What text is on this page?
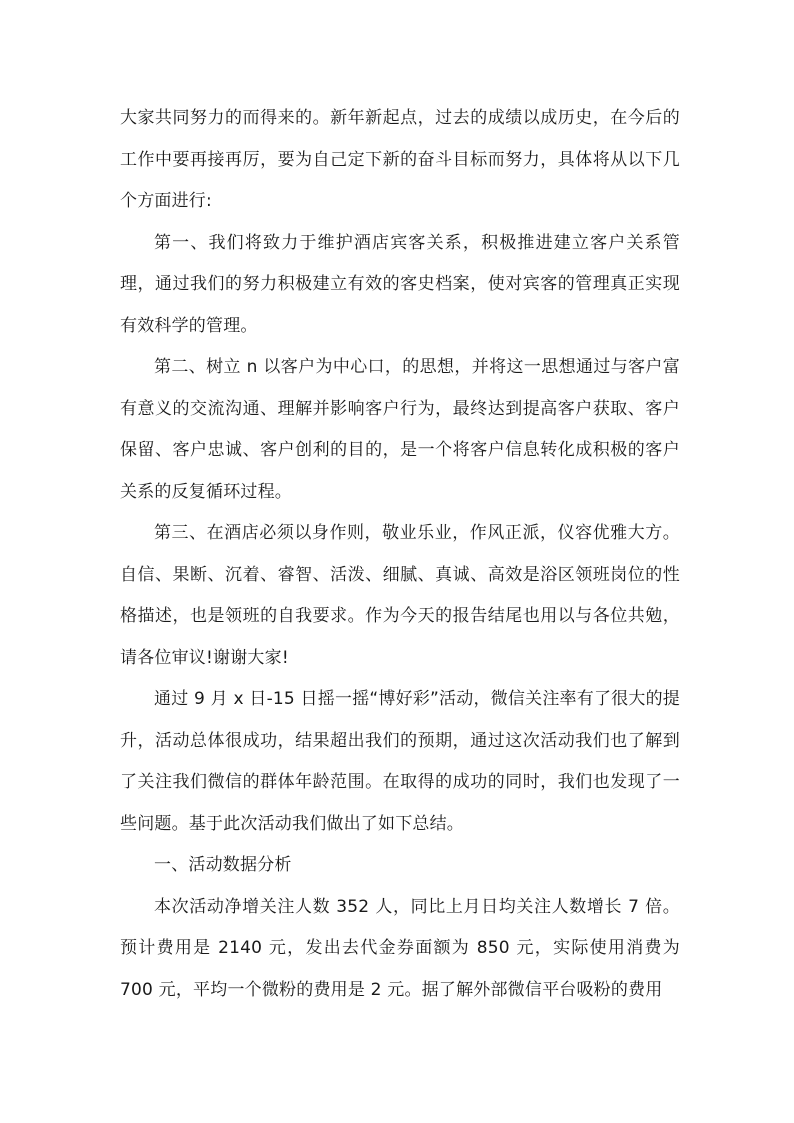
大家共同努力的而得来的。新年新起点，过去的成绩以成历史，在今后的工作中要再接再厉，要为自己定下新的奋斗目标而努力，具体将从以下几个方面进行:

第一、我们将致力于维护酒店宾客关系，积极推进建立客户关系管理，通过我们的努力积极建立有效的客史档案，使对宾客的管理真正实现有效科学的管理。

第二、树立 n 以客户为中心口，的思想，并将这一思想通过与客户富有意义的交流沟通、理解并影响客户行为，最终达到提高客户获取、客户保留、客户忠诚、客户创利的目的，是一个将客户信息转化成积极的客户关系的反复循环过程。

第三、在酒店必须以身作则，敬业乐业，作风正派，仪容优雅大方。自信、果断、沉着、睿智、活泼、细腻、真诚、高效是浴区领班岗位的性格描述，也是领班的自我要求。作为今天的报告结尾也用以与各位共勉，请各位审议!谢谢大家!

通过 9 月 x 日-15 日摇一摇“博好彩”活动，微信关注率有了很大的提升，活动总体很成功，结果超出我们的预期，通过这次活动我们也了解到了关注我们微信的群体年龄范围。在取得的成功的同时，我们也发现了一些问题。基于此次活动我们做出了如下总结。

一、活动数据分析

本次活动净增关注人数 352 人，同比上月日均关注人数增长 7 倍。预计费用是 2140 元，发出去代金券面额为 850 元，实际使用消费为 700 元，平均一个微粉的费用是 2 元。据了解外部微信平台吸粉的费用
